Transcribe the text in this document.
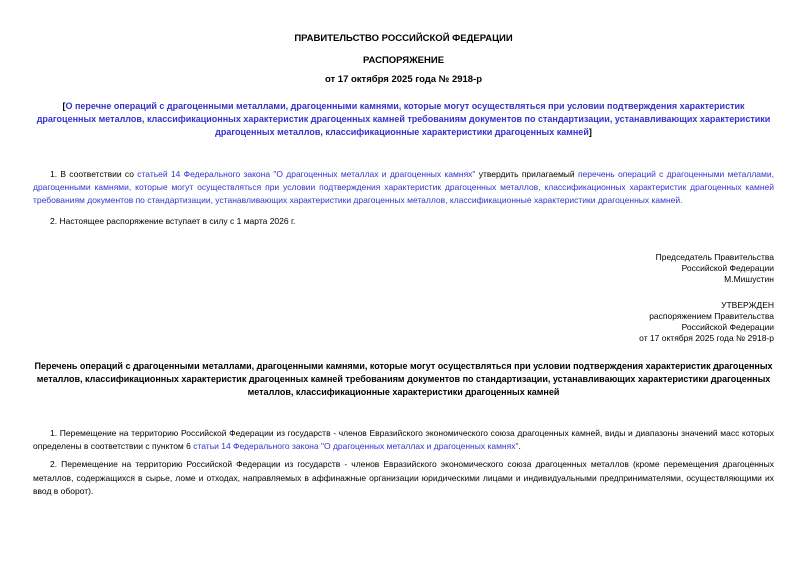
ПРАВИТЕЛЬСТВО РОССИЙСКОЙ ФЕДЕРАЦИИ
РАСПОРЯЖЕНИЕ
от 17 октября 2025 года № 2918-р
[О перечне операций с драгоценными металлами, драгоценными камнями, которые могут осуществляться при условии подтверждения характеристик драгоценных металлов, классификационных характеристик драгоценных камней требованиям документов по стандартизации, устанавливающих характеристики драгоценных металлов, классификационные характеристики драгоценных камней]

1. В соответствии со статьей 14 Федерального закона "О драгоценных металлах и драгоценных камнях" утвердить прилагаемый перечень операций с драгоценными металлами, драгоценными камнями, которые могут осуществляться при условии подтверждения характеристик драгоценных металлов, классификационных характеристик драгоценных камней требованиям документов по стандартизации, устанавливающих характеристики драгоценных металлов, классификационные характеристики драгоценных камней.

2. Настоящее распоряжение вступает в силу с 1 марта 2026 г.

Председатель Правительства
Российской Федерации
М.Мишустин
УТВЕРЖДЕН
распоряжением Правительства
Российской Федерации
от 17 октября 2025 года № 2918-р
Перечень операций с драгоценными металлами, драгоценными камнями, которые могут осуществляться при условии подтверждения характеристик драгоценных металлов, классификационных характеристик драгоценных камней требованиям документов по стандартизации, устанавливающих характеристики драгоценных металлов, классификационные характеристики драгоценных камней

1. Перемещение на территорию Российской Федерации из государств - членов Евразийского экономического союза драгоценных камней, виды и диапазоны значений масс которых определены в соответствии с пунктом 6 статьи 14 Федерального закона "О драгоценных металлах и драгоценных камнях".

2. Перемещение на территорию Российской Федерации из государств - членов Евразийского экономического союза драгоценных металлов (кроме перемещения драгоценных металлов, содержащихся в сырье, ломе и отходах, направляемых в аффинажные организации юридическими лицами и индивидуальными предпринимателями, осуществляющими их ввод в оборот).
